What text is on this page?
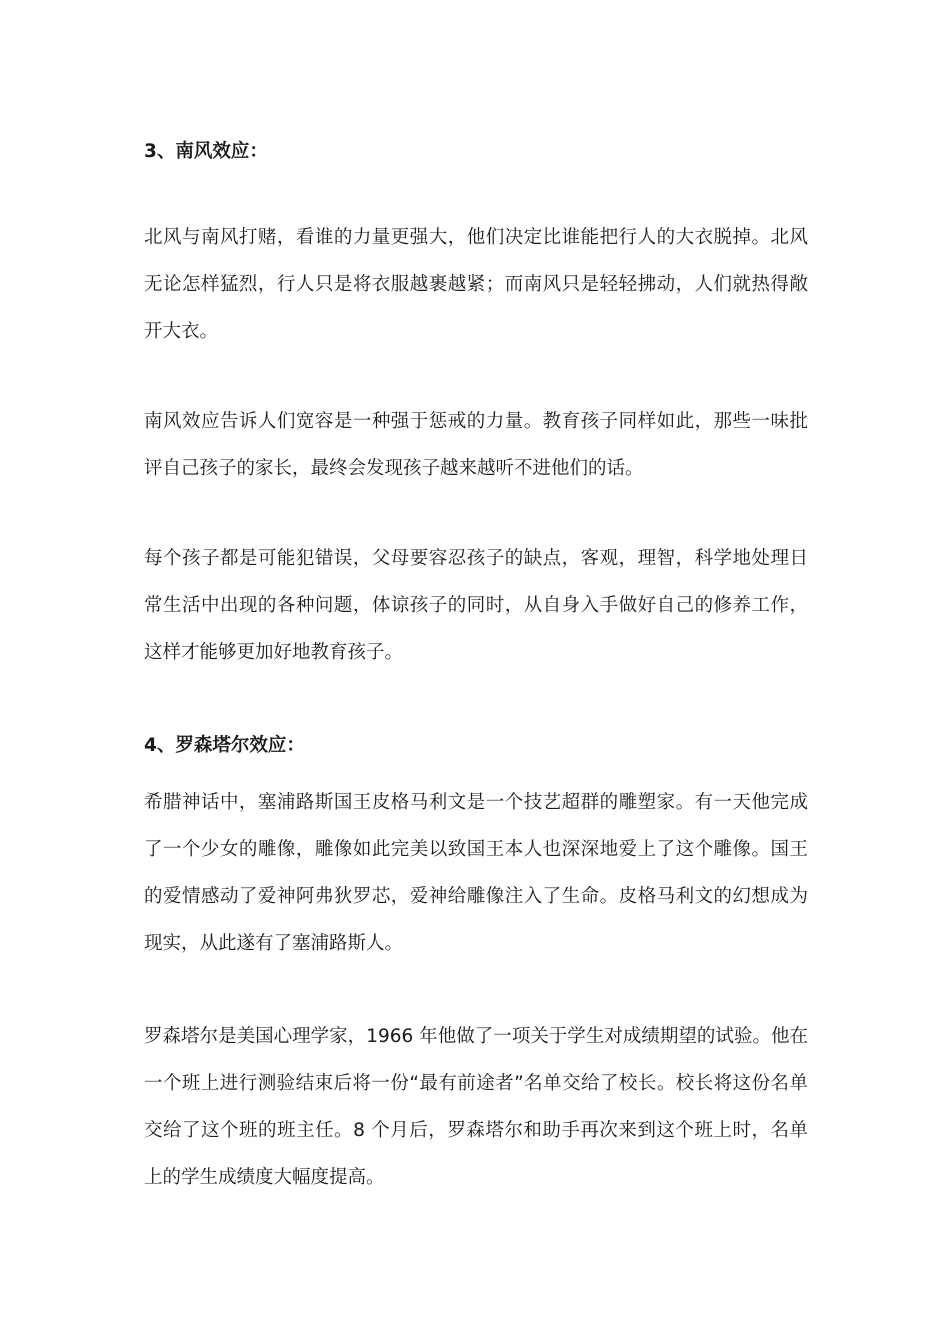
3、南风效应：

北风与南风打赌，看谁的力量更强大，他们决定比谁能把行人的大衣脱掉。北风无论怎样猛烈，行人只是将衣服越裹越紧；而南风只是轻轻拂动，人们就热得敞开大衣。

南风效应告诉人们宽容是一种强于惩戒的力量。教育孩子同样如此，那些一味批评自己孩子的家长，最终会发现孩子越来越听不进他们的话。

每个孩子都是可能犯错误，父母要容忍孩子的缺点，客观，理智，科学地处理日常生活中出现的各种问题，体谅孩子的同时，从自身入手做好自己的修养工作，这样才能够更加好地教育孩子。

4、罗森塔尔效应：

希腊神话中，塞浦路斯国王皮格马利文是一个技艺超群的雕塑家。有一天他完成了一个少女的雕像，雕像如此完美以致国王本人也深深地爱上了这个雕像。国王的爱情感动了爱神阿弗狄罗芯，爱神给雕像注入了生命。皮格马利文的幻想成为现实，从此遂有了塞浦路斯人。

罗森塔尔是美国心理学家，1966 年他做了一项关于学生对成绩期望的试验。他在一个班上进行测验结束后将一份“最有前途者”名单交给了校长。校长将这份名单交给了这个班的班主任。8 个月后，罗森塔尔和助手再次来到这个班上时，名单上的学生成绩度大幅度提高。
